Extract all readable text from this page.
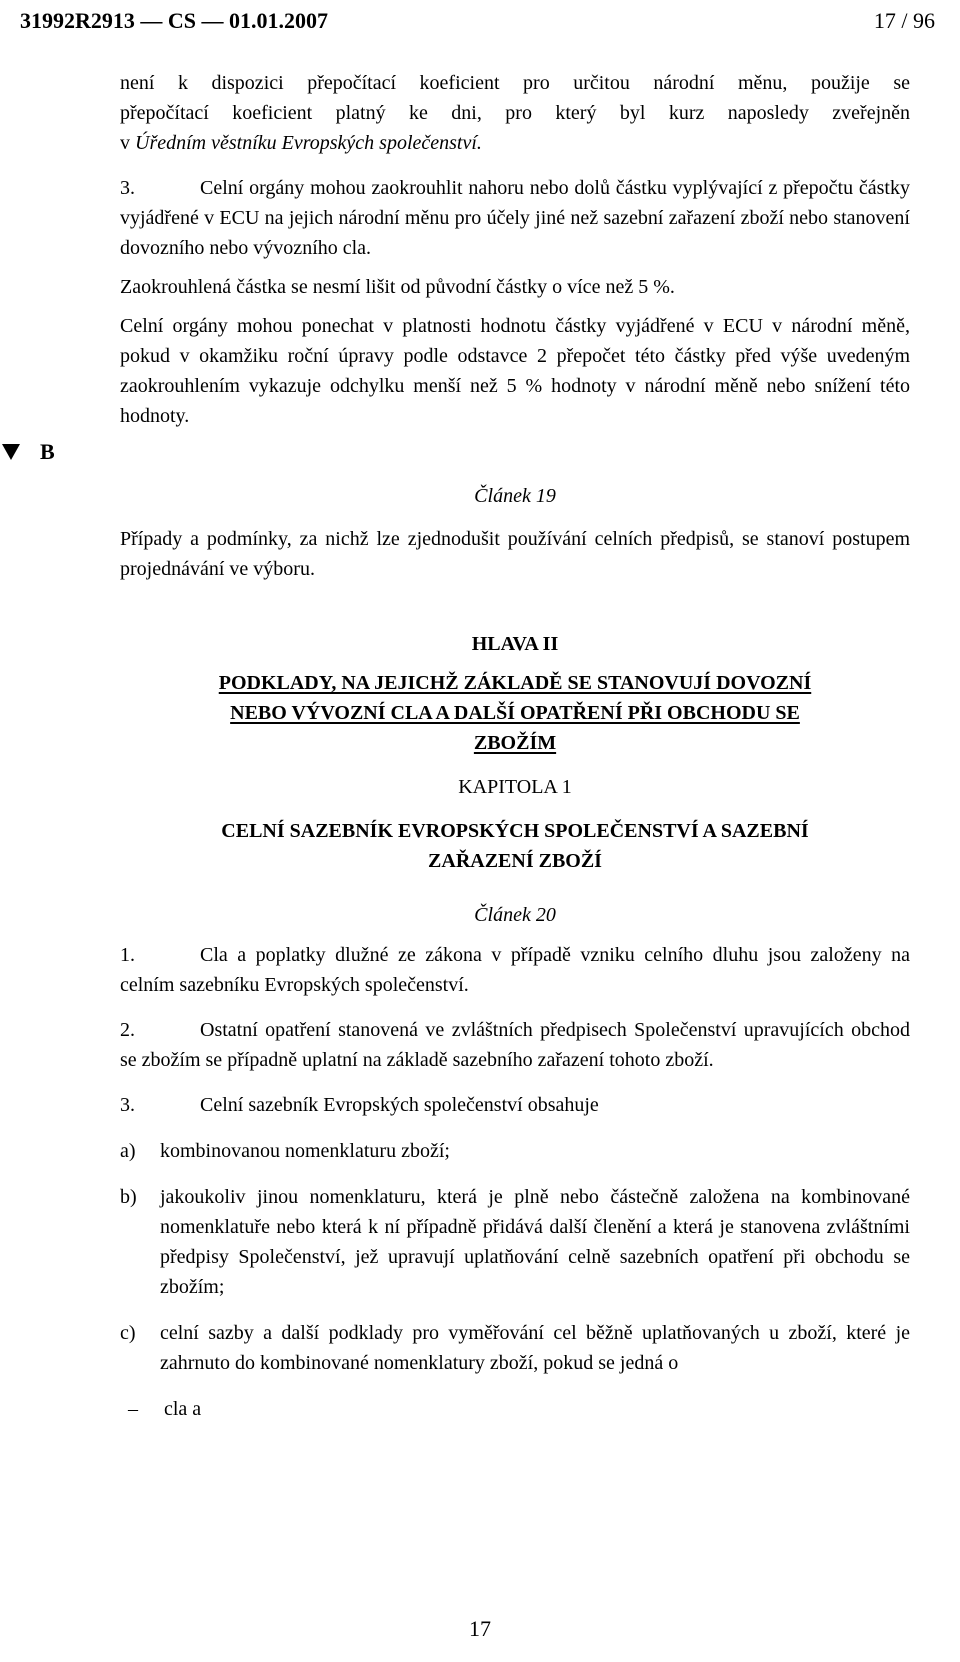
31992R2913 — CS — 01.01.2007	17 / 96
B

není k dispozici přepočítací koeficient pro určitou národní měnu, použije se
přepočítací koeficient platný ke dni, pro který byl kurz naposledy zveřejněn
v Úředním věstníku Evropských společenství.

3.	Celní orgány mohou zaokrouhlit nahoru nebo dolů částku vyplývající z přepočtu částky vyjádřené v ECU na jejich národní měnu pro účely jiné než sazební zařazení zboží nebo stanovení dovozního nebo vývozního cla.

Zaokrouhlená částka se nesmí lišit od původní částky o více než 5 %.

Celní orgány mohou ponechat v platnosti hodnotu částky vyjádřené v ECU v národní měně, pokud v okamžiku roční úpravy podle odstavce 2 přepočet této částky před výše uvedeným zaokrouhlením vykazuje odchylku menší než 5 % hodnoty v národní měně nebo snížení této hodnoty.

Článek 19

Případy a podmínky, za nichž lze zjednodušit používání celních předpisů, se stanoví postupem projednávání ve výboru.

HLAVA II

PODKLADY, NA JEJICHŽ ZÁKLADĚ SE STANOVUJÍ DOVOZNÍ
NEBO VÝVOZNÍ CLA A DALŠÍ OPATŘENÍ PŘI OBCHODU SE
ZBOŽÍM

KAPITOLA 1

CELNÍ SAZEBNÍK EVROPSKÝCH SPOLEČENSTVÍ A SAZEBNÍ
ZAŘAZENÍ ZBOŽÍ

Článek 20

1.	Cla a poplatky dlužné ze zákona v případě vzniku celního dluhu jsou založeny na celním sazebníku Evropských společenství.

2.	Ostatní opatření stanovená ve zvláštních předpisech Společenství upravujících obchod se zbožím se případně uplatní na základě sazebního zařazení tohoto zboží.

3.	Celní sazebník Evropských společenství obsahuje

a)	kombinovanou nomenklaturu zboží;
b)	jakoukoliv jinou nomenklaturu, která je plně nebo částečně založena na kombinované nomenklatuře nebo která k ní případně přidává další členění a která je stanovena zvláštními předpisy Společenství, jež upravují uplatňování celně sazebních opatření při obchodu se zbožím;
c)	celní sazby a další podklady pro vyměřování cel běžně uplatňovaných u zboží, které je zahrnuto do kombinované nomenklatury zboží, pokud se jedná o
–	cla a
17
